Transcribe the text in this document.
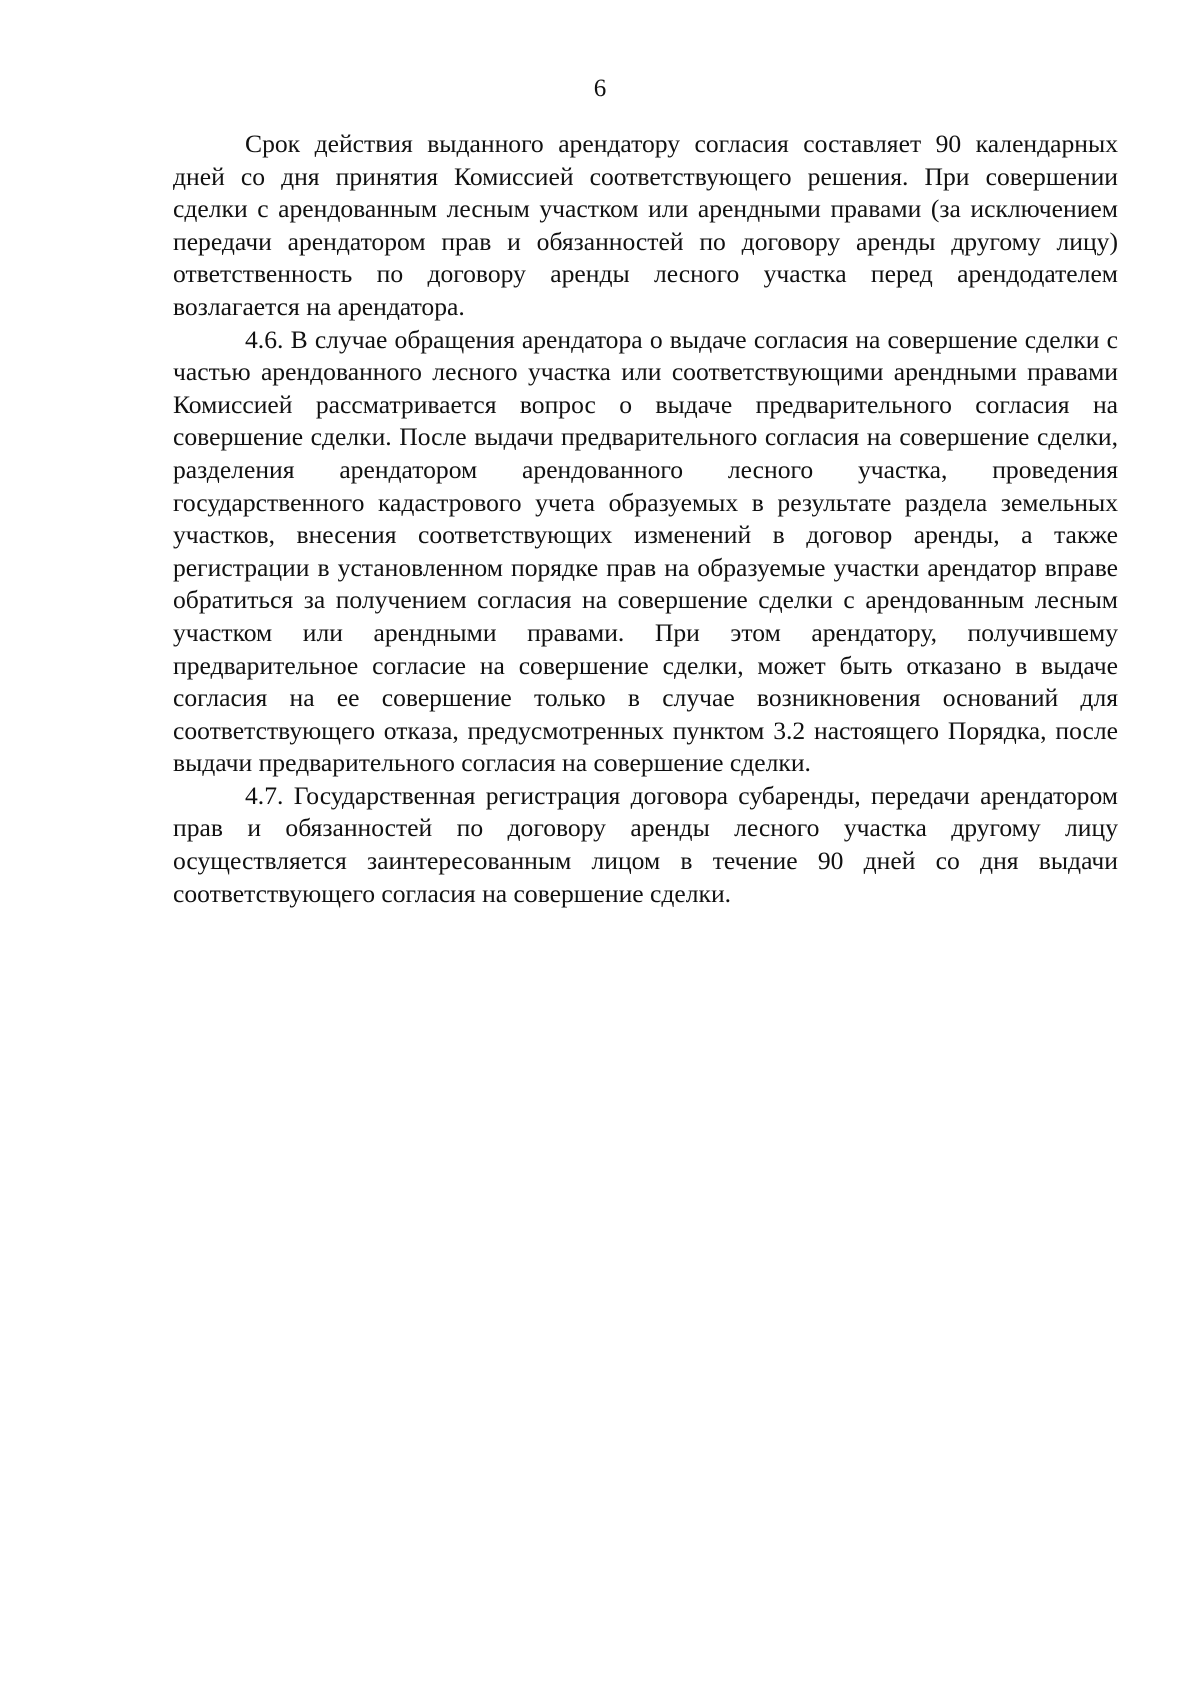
6

Срок действия выданного арендатору согласия составляет 90 календарных дней со дня принятия Комиссией соответствующего решения. При совершении сделки с арендованным лесным участком или арендными правами (за исключением передачи арендатором прав и обязанностей по договору аренды другому лицу) ответственность по договору аренды лесного участка перед арендодателем возлагается на арендатора.

4.6. В случае обращения арендатора о выдаче согласия на совершение сделки с частью арендованного лесного участка или соответствующими арендными правами Комиссией рассматривается вопрос о выдаче предварительного согласия на совершение сделки. После выдачи предварительного согласия на совершение сделки, разделения арендатором арендованного лесного участка, проведения государственного кадастрового учета образуемых в результате раздела земельных участков, внесения соответствующих изменений в договор аренды, а также регистрации в установленном порядке прав на образуемые участки арендатор вправе обратиться за получением согласия на совершение сделки с арендованным лесным участком или арендными правами. При этом арендатору, получившему предварительное согласие на совершение сделки, может быть отказано в выдаче согласия на ее совершение только в случае возникновения оснований для соответствующего отказа, предусмотренных пунктом 3.2 настоящего Порядка, после выдачи предварительного согласия на совершение сделки.

4.7. Государственная регистрация договора субаренды, передачи арендатором прав и обязанностей по договору аренды лесного участка другому лицу осуществляется заинтересованным лицом в течение 90 дней со дня выдачи соответствующего согласия на совершение сделки.
